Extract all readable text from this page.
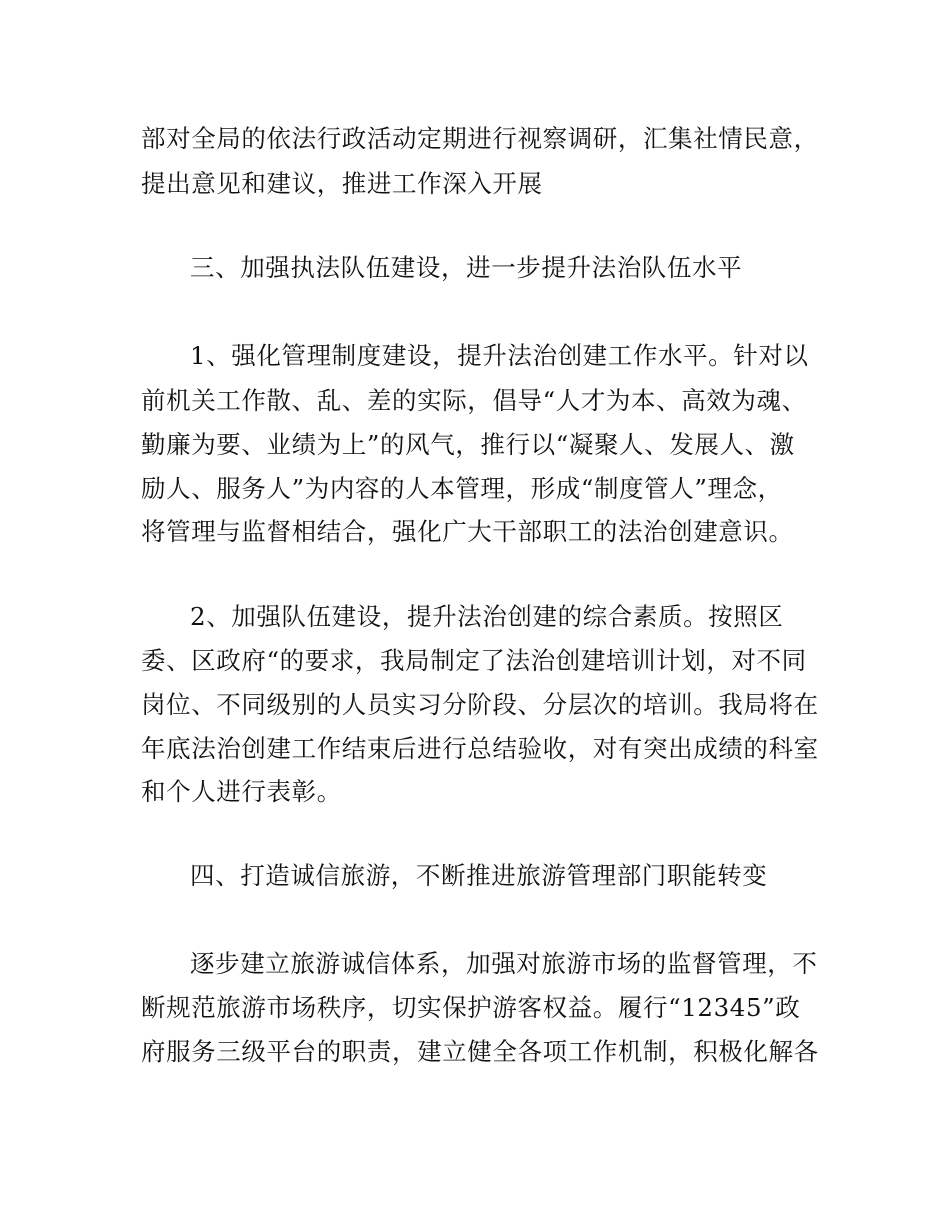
部对全局的依法行政活动定期进行视察调研，汇集社情民意，
提出意见和建议，推进工作深入开展
三、加强执法队伍建设，进一步提升法治队伍水平
1、强化管理制度建设，提升法治创建工作水平。针对以
前机关工作散、乱、差的实际，倡导“人才为本、高效为魂、
勤廉为要、业绩为上”的风气，推行以“凝聚人、发展人、激
励人、服务人”为内容的人本管理，形成“制度管人”理念，
将管理与监督相结合，强化广大干部职工的法治创建意识。
2、加强队伍建设，提升法治创建的综合素质。按照区
委、区政府“的要求，我局制定了法治创建培训计划，对不同
岗位、不同级别的人员实习分阶段、分层次的培训。我局将在
年底法治创建工作结束后进行总结验收，对有突出成绩的科室
和个人进行表彰。
四、打造诚信旅游，不断推进旅游管理部门职能转变
逐步建立旅游诚信体系，加强对旅游市场的监督管理，不
断规范旅游市场秩序，切实保护游客权益。履行“12345”政
府服务三级平台的职责，建立健全各项工作机制，积极化解各
